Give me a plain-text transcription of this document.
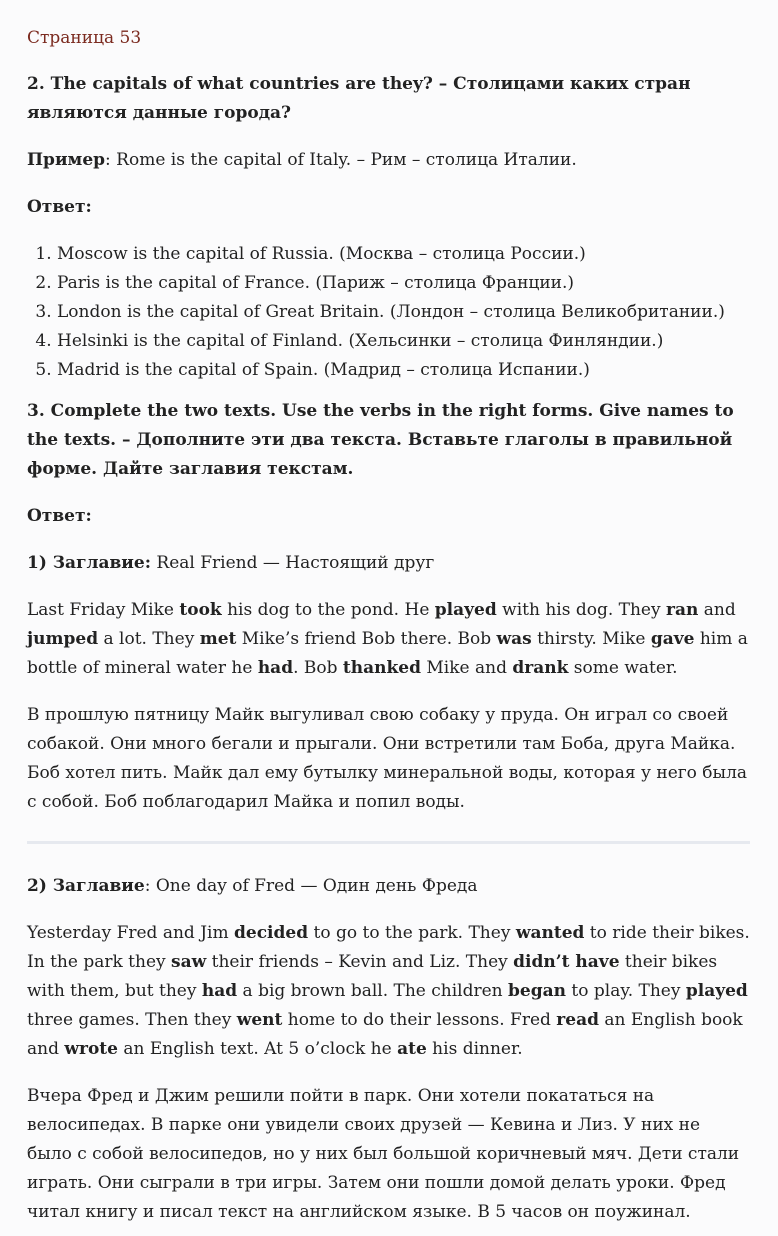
Страница 53

2. The capitals of what countries are they? – Столицами каких стран являются данные города?

Пример: Rome is the capital of Italy. – Рим – столица Италии.

Ответ:

1. Moscow is the capital of Russia. (Москва – столица России.)
2. Paris is the capital of France. (Париж – столица Франции.)
3. London is the capital of Great Britain. (Лондон – столица Великобритании.)
4. Helsinki is the capital of Finland. (Хельсинки – столица Финляндии.)
5. Madrid is the capital of Spain. (Мадрид – столица Испании.)

3. Complete the two texts. Use the verbs in the right forms. Give names to the texts. – Дополните эти два текста. Вставьте глаголы в правильной форме. Дайте заглавия текстам.

Ответ:

1) Заглавие: Real Friend — Настоящий друг

Last Friday Mike took his dog to the pond. He played with his dog. They ran and jumped a lot. They met Mike’s friend Bob there. Bob was thirsty. Mike gave him a bottle of mineral water he had. Bob thanked Mike and drank some water.

В прошлую пятницу Майк выгуливал свою собаку у пруда. Он играл со своей собакой. Они много бегали и прыгали. Они встретили там Боба, друга Майка. Боб хотел пить. Майк дал ему бутылку минеральной воды, которая у него была с собой. Боб поблагодарил Майка и попил воды.

2) Заглавие: One day of Fred — Один день Фреда

Yesterday Fred and Jim decided to go to the park. They wanted to ride their bikes. In the park they saw their friends – Kevin and Liz. They didn’t have their bikes with them, but they had a big brown ball. The children began to play. They played three games. Then they went home to do their lessons. Fred read an English book and wrote an English text. At 5 o’clock he ate his dinner.

Вчера Фред и Джим решили пойти в парк. Они хотели покататься на велосипедах. В парке они увидели своих друзей — Кевина и Лиз. У них не было с собой велосипедов, но у них был большой коричневый мяч. Дети стали играть. Они сыграли в три игры. Затем они пошли домой делать уроки. Фред читал книгу и писал текст на английском языке. В 5 часов он поужинал.
